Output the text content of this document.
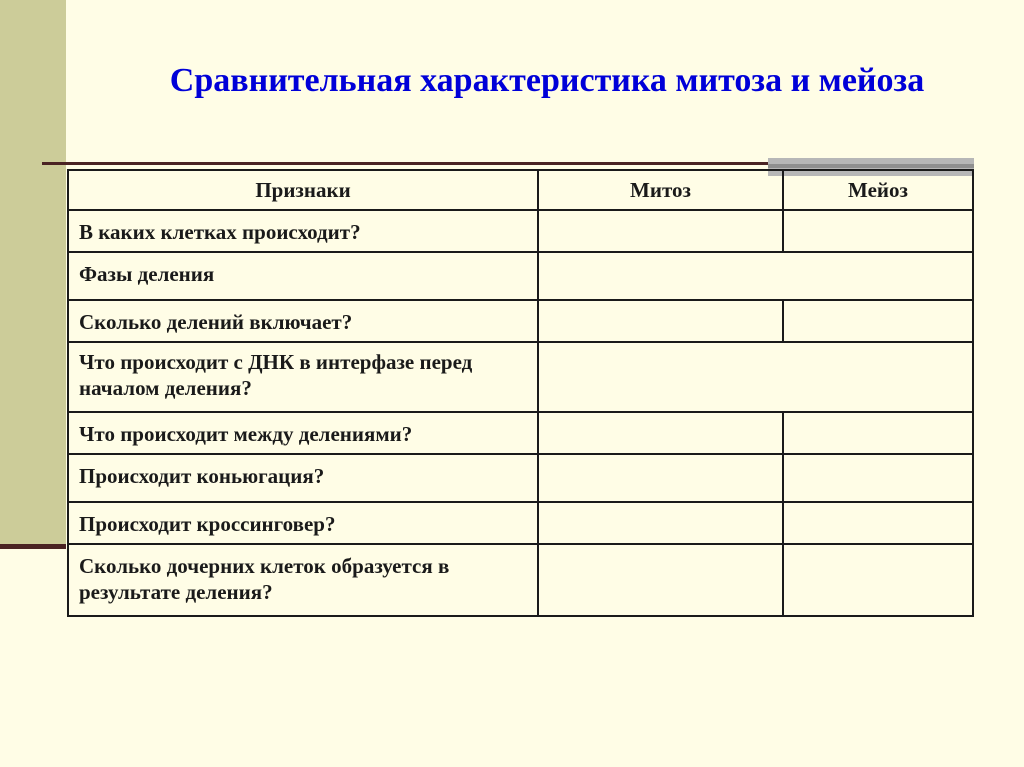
Сравнительная характеристика митоза и мейоза
Признаки	Митоз	Мейоз
В каких клетках происходит?		
Фазы деления		
Сколько делений включает?		
Что происходит с ДНК в интерфазе перед началом деления?		
Что происходит между делениями?		
Происходит коньюгация?		
Происходит кроссинговер?		
Сколько дочерних клеток образуется в результате деления?		
